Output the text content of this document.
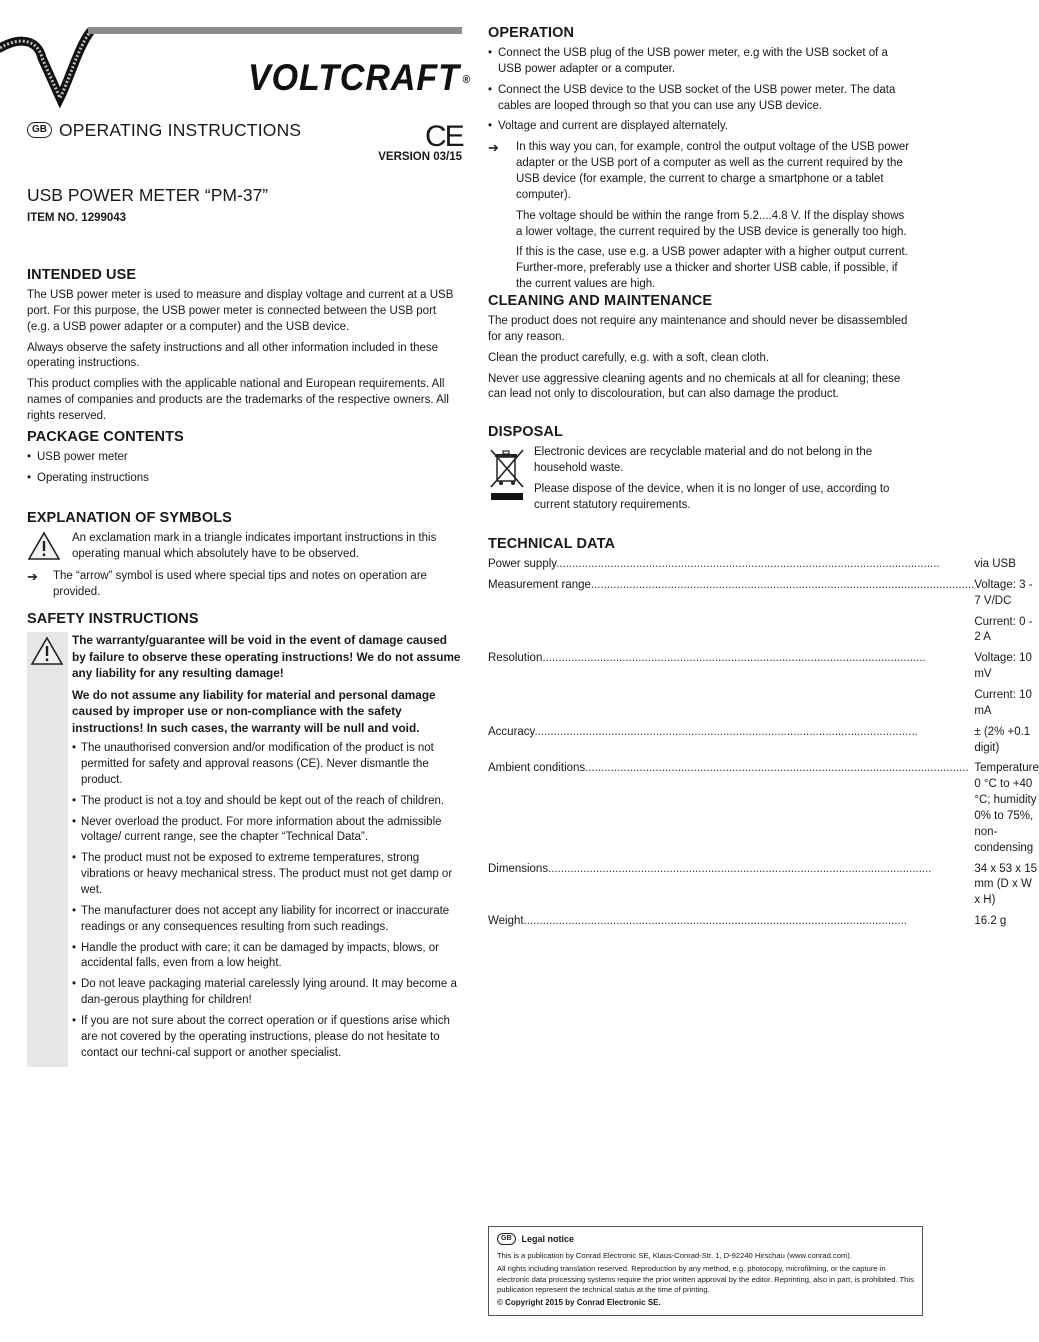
VOLTCRAFT ®
GB OPERATING INSTRUCTIONS	CE
VERSION 03/15
USB POWER METER “PM-37”
ITEM NO. 1299043
INTENDED USE

The USB power meter is used to measure and display voltage and current at a USB port. For this purpose, the USB power meter is connected between the USB port (e.g. a USB power adapter or a computer) and the USB device.

Always observe the safety instructions and all other information included in these operating instructions.

This product complies with the applicable national and European requirements. All names of companies and products are the trademarks of the respective owners. All rights reserved.

PACKAGE CONTENTS
• USB power meter
• Operating instructions
EXPLANATION OF SYMBOLS
An exclamation mark in a triangle indicates important instructions in this operating manual which absolutely have to be observed.
➔	The “arrow” symbol is used where special tips and notes on operation are provided.
SAFETY INSTRUCTIONS

The warranty/guarantee will be void in the event of damage caused by failure to observe these operating instructions! We do not assume any liability for any resulting damage!

We do not assume any liability for material and personal damage caused by improper use or non-compliance with the safety instructions! In such cases, the warranty will be null and void.

• The unauthorised conversion and/or modification of the product is not permitted for safety and approval reasons (CE). Never dismantle the product.
• The product is not a toy and should be kept out of the reach of children.
• Never overload the product. For more information about the admissible voltage/ current range, see the chapter “Technical Data”.
• The product must not be exposed to extreme temperatures, strong vibrations or heavy mechanical stress. The product must not get damp or wet.
• The manufacturer does not accept any liability for incorrect or inaccurate readings or any consequences resulting from such readings.
• Handle the product with care; it can be damaged by impacts, blows, or accidental falls, even from a low height.
• Do not leave packaging material carelessly lying around. It may become a dan-gerous plaything for children!
• If you are not sure about the correct operation or if questions arise which are not covered by the operating instructions, please do not hesitate to contact our techni-cal support or another specialist.
OPERATION
• Connect the USB plug of the USB power meter, e.g with the USB socket of a USB power adapter or a computer.
• Connect the USB device to the USB socket of the USB power meter. The data cables are looped through so that you can use any USB device.
• Voltage and current are displayed alternately.
➔	In this way you can, for example, control the output voltage of the USB power adapter or the USB port of a computer as well as the current required by the USB device (for example, the current to charge a smartphone or a tablet computer).

The voltage should be within the range from 5.2....4.8 V. If the display shows a lower voltage, the current required by the USB device is generally too high.

If this is the case, use e.g. a USB power adapter with a higher output current. Further-more, preferably use a thicker and shorter USB cable, if possible, if the current values are high.

CLEANING AND MAINTENANCE

The product does not require any maintenance and should never be disassembled for any reason.

Clean the product carefully, e.g. with a soft, clean cloth.

Never use aggressive cleaning agents and no chemicals at all for cleaning; these can lead not only to discolouration, but can also damage the product.

DISPOSAL

Electronic devices are recyclable material and do not belong in the household waste.

Please dispose of the device, when it is no longer of use, according to current statutory requirements.

TECHNICAL DATA
Power supply........................................................................................................................	via USB
Measurement range........................................................................................................................	Voltage: 3 - 7 V/DC
	Current: 0 - 2 A
Resolution........................................................................................................................	Voltage: 10 mV
	Current: 10 mA
Accuracy........................................................................................................................	± (2% +0.1 digit)
Ambient conditions........................................................................................................................	Temperature 0 °C to +40 °C; humidity 0% to 75%, non-condensing
Dimensions........................................................................................................................	34 x 53 x 15 mm (D x W x H)
Weight........................................................................................................................	16.2 g
GB	Legal notice

This is a publication by Conrad Electronic SE, Klaus-Conrad-Str. 1, D-92240 Hirschau (www.conrad.com).

All rights including translation reserved. Reproduction by any method, e.g. photocopy, microfilming, or the capture in electronic data processing systems require the prior written approval by the editor. Reprinting, also in part, is prohibited. This publication represent the technical status at the time of printing.

© Copyright 2015 by Conrad Electronic SE.
